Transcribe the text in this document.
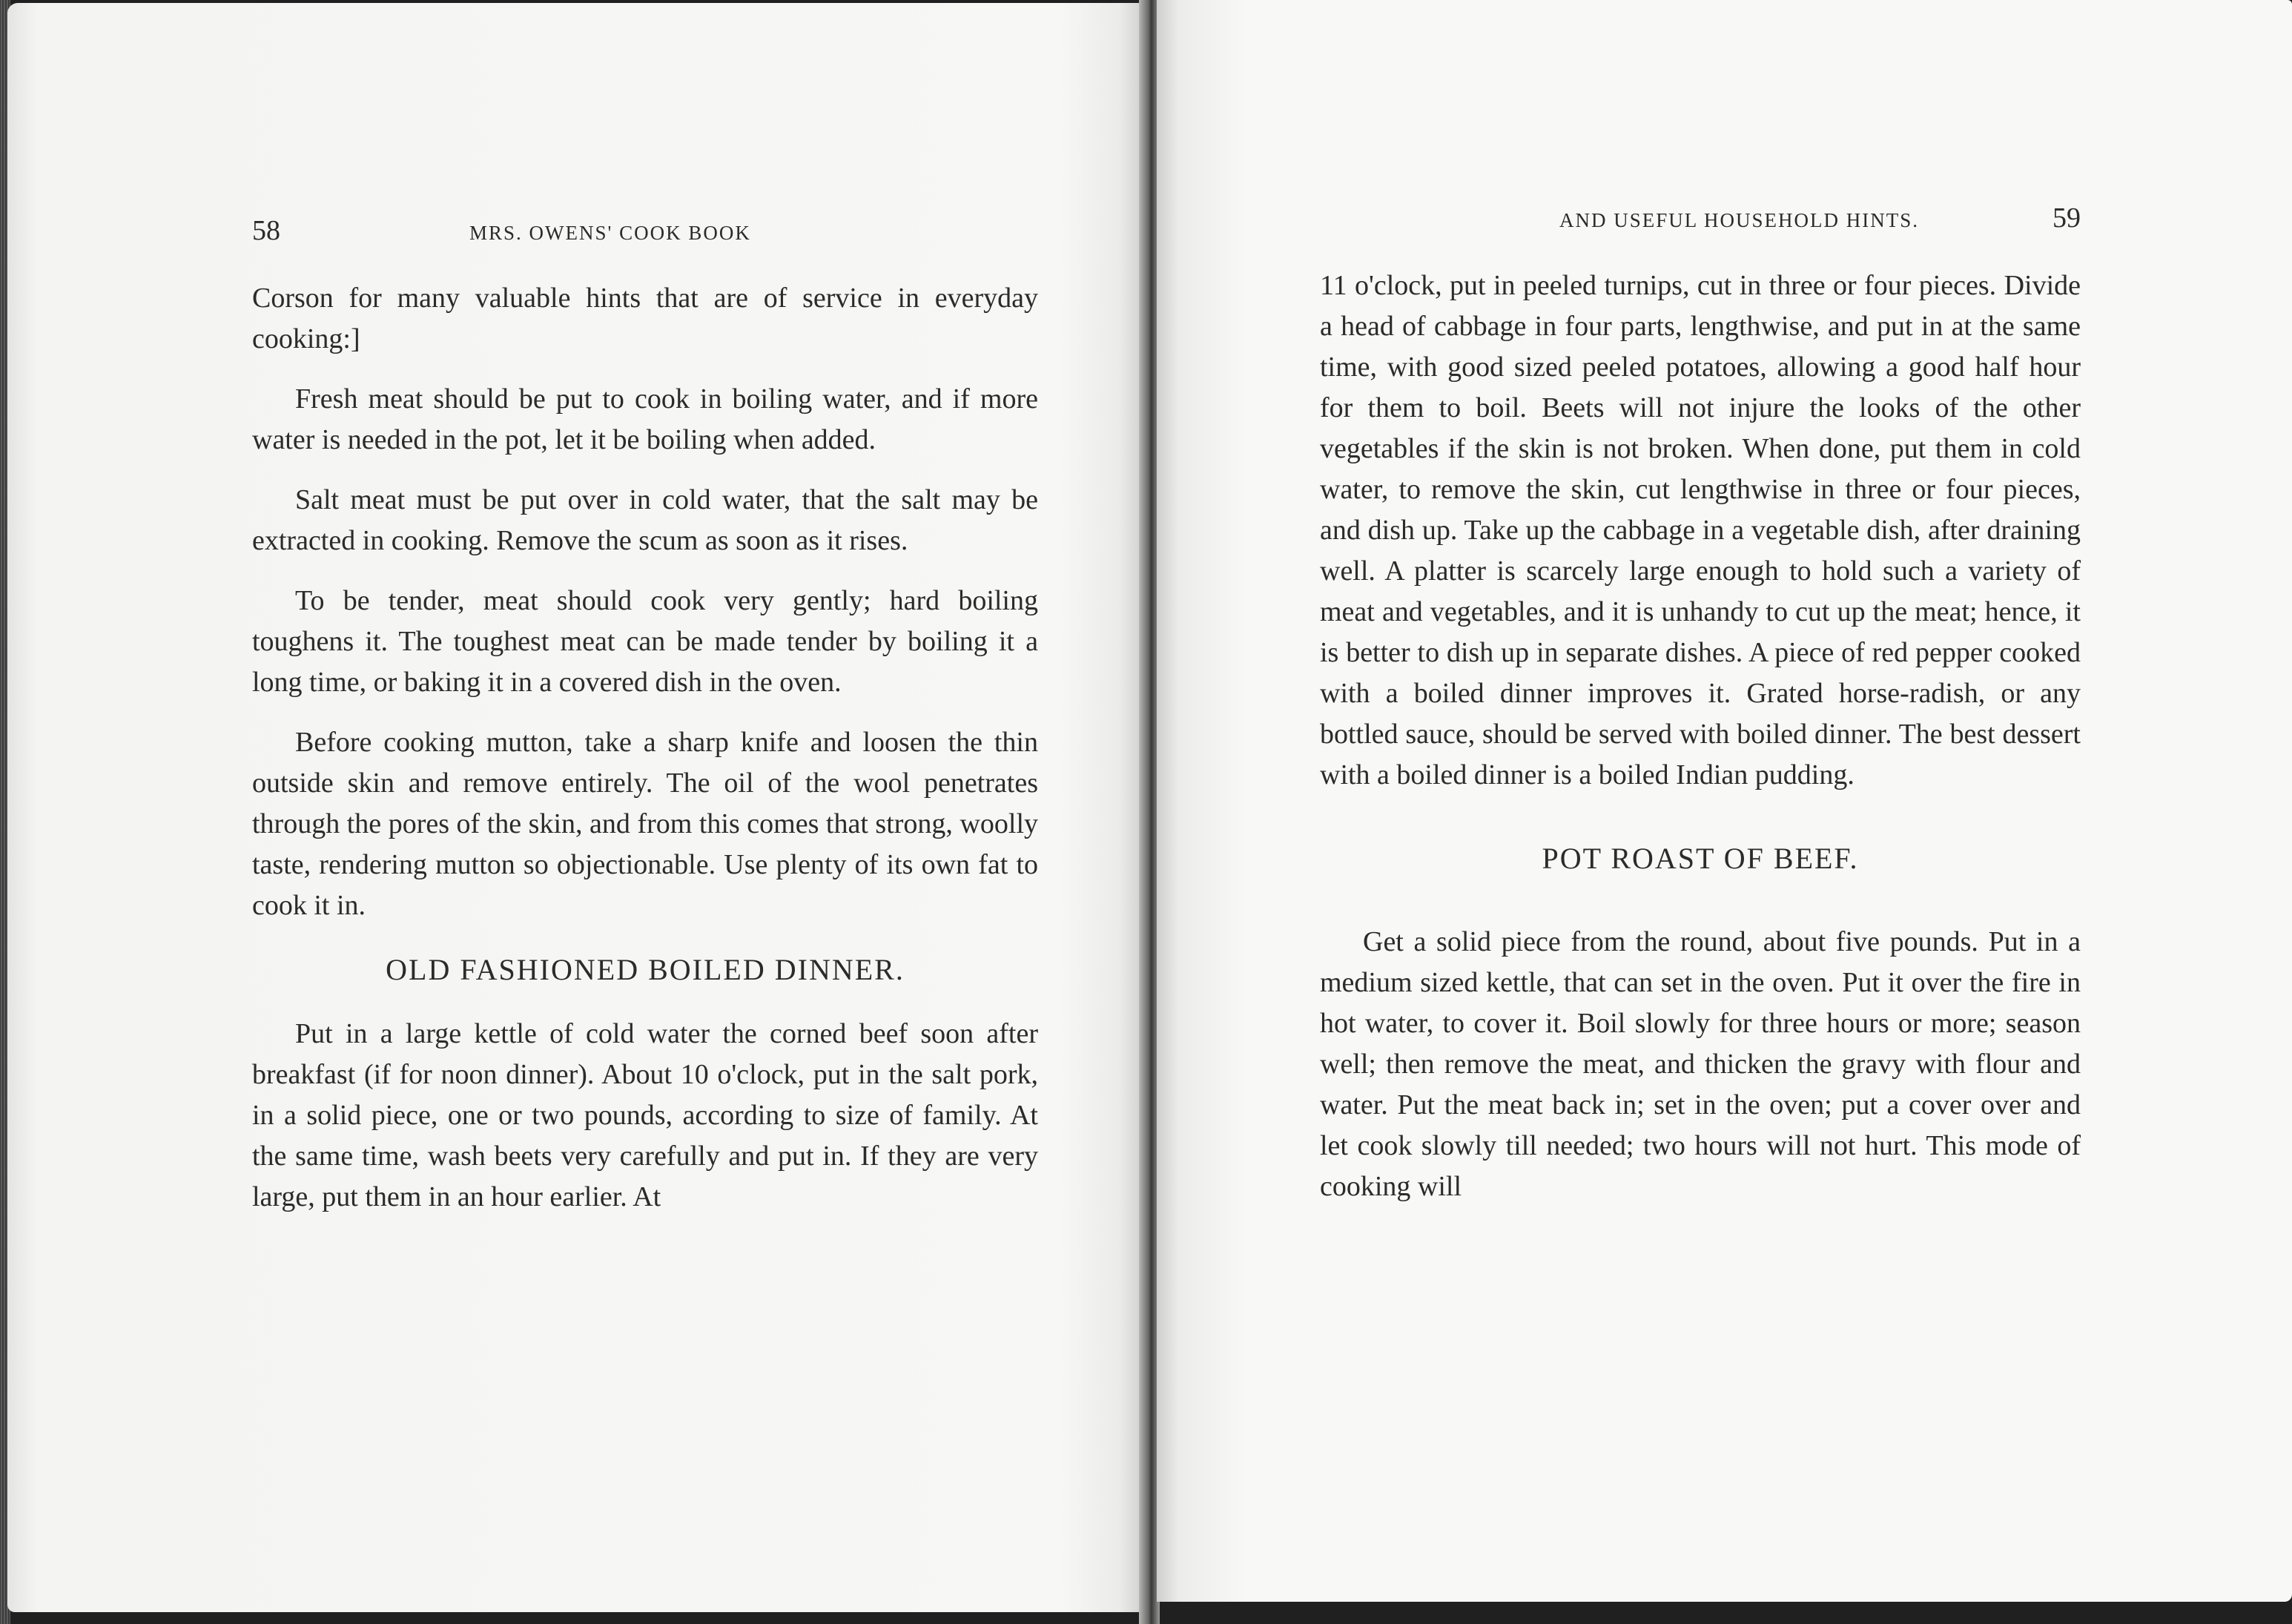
58	MRS. OWENS' COOK BOOK

Corson for many valuable hints that are of service in everyday cooking:]

Fresh meat should be put to cook in boiling water, and if more water is needed in the pot, let it be boiling when added.

Salt meat must be put over in cold water, that the salt may be extracted in cooking. Remove the scum as soon as it rises.

To be tender, meat should cook very gently; hard boiling toughens it. The toughest meat can be made tender by boiling it a long time, or baking it in a covered dish in the oven.

Before cooking mutton, take a sharp knife and loosen the thin outside skin and remove entirely. The oil of the wool penetrates through the pores of the skin, and from this comes that strong, woolly taste, rendering mutton so objectionable. Use plenty of its own fat to cook it in.

OLD FASHIONED BOILED DINNER.

Put in a large kettle of cold water the corned beef soon after breakfast (if for noon dinner). About 10 o'clock, put in the salt pork, in a solid piece, one or two pounds, according to size of family. At the same time, wash beets very carefully and put in. If they are very large, put them in an hour earlier. At

AND USEFUL HOUSEHOLD HINTS.	59

11 o'clock, put in peeled turnips, cut in three or four pieces. Divide a head of cabbage in four parts, lengthwise, and put in at the same time, with good sized peeled potatoes, allowing a good half hour for them to boil. Beets will not injure the looks of the other vegetables if the skin is not broken. When done, put them in cold water, to remove the skin, cut lengthwise in three or four pieces, and dish up. Take up the cabbage in a vegetable dish, after draining well. A platter is scarcely large enough to hold such a variety of meat and vegetables, and it is unhandy to cut up the meat; hence, it is better to dish up in separate dishes. A piece of red pepper cooked with a boiled dinner improves it. Grated horse-radish, or any bottled sauce, should be served with boiled dinner. The best dessert with a boiled dinner is a boiled Indian pudding.

POT ROAST OF BEEF.

Get a solid piece from the round, about five pounds. Put in a medium sized kettle, that can set in the oven. Put it over the fire in hot water, to cover it. Boil slowly for three hours or more; season well; then remove the meat, and thicken the gravy with flour and water. Put the meat back in; set in the oven; put a cover over and let cook slowly till needed; two hours will not hurt. This mode of cooking will
